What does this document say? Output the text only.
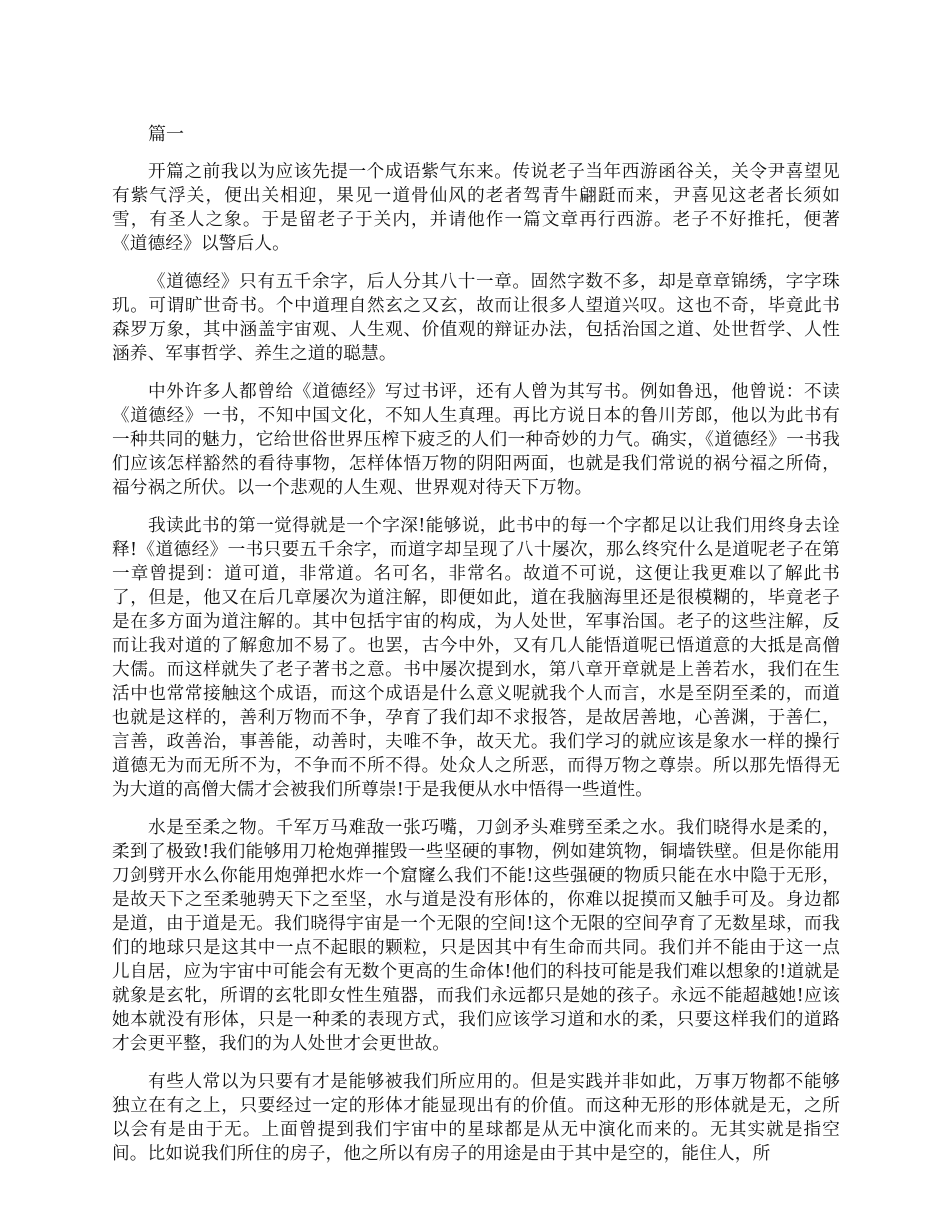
篇一

开篇之前我以为应该先提一个成语紫气东来。传说老子当年西游函谷关，关令尹喜望见有紫气浮关，便出关相迎，果见一道骨仙风的老者驾青牛翩跹而来，尹喜见这老者长须如雪，有圣人之象。于是留老子于关内，并请他作一篇文章再行西游。老子不好推托，便著《道德经》以警后人。

《道德经》只有五千余字，后人分其八十一章。固然字数不多，却是章章锦绣，字字珠玑。可谓旷世奇书。个中道理自然玄之又玄，故而让很多人望道兴叹。这也不奇，毕竟此书森罗万象，其中涵盖宇宙观、人生观、价值观的辩证办法，包括治国之道、处世哲学、人性涵养、军事哲学、养生之道的聪慧。

中外许多人都曾给《道德经》写过书评，还有人曾为其写书。例如鲁迅，他曾说：不读《道德经》一书，不知中国文化，不知人生真理。再比方说日本的鲁川芳郎，他以为此书有一种共同的魅力，它给世俗世界压榨下疲乏的人们一种奇妙的力气。确实，《道德经》一书我们应该怎样豁然的看待事物，怎样体悟万物的阴阳两面，也就是我们常说的祸兮福之所倚，福兮祸之所伏。以一个悲观的人生观、世界观对待天下万物。

我读此书的第一觉得就是一个字深!能够说，此书中的每一个字都足以让我们用终身去诠释!《道德经》一书只要五千余字，而道字却呈现了八十屡次，那么终究什么是道呢老子在第一章曾提到：道可道，非常道。名可名，非常名。故道不可说，这便让我更难以了解此书了，但是，他又在后几章屡次为道注解，即便如此，道在我脑海里还是很模糊的，毕竟老子是在多方面为道注解的。其中包括宇宙的构成，为人处世，军事治国。老子的这些注解，反而让我对道的了解愈加不易了。也罢，古今中外，又有几人能悟道呢已悟道意的大抵是高僧大儒。而这样就失了老子著书之意。书中屡次提到水，第八章开章就是上善若水，我们在生活中也常常接触这个成语，而这个成语是什么意义呢就我个人而言，水是至阴至柔的，而道也就是这样的，善利万物而不争，孕育了我们却不求报答，是故居善地，心善渊，于善仁，言善，政善治，事善能，动善时，夫唯不争，故天尤。我们学习的就应该是象水一样的操行道德无为而无所不为，不争而不所不得。处众人之所恶，而得万物之尊崇。所以那先悟得无为大道的高僧大儒才会被我们所尊崇!于是我便从水中悟得一些道性。

水是至柔之物。千军万马难敌一张巧嘴，刀剑矛头难劈至柔之水。我们晓得水是柔的，柔到了极致!我们能够用刀枪炮弹摧毁一些坚硬的事物，例如建筑物，铜墙铁壁。但是你能用刀剑劈开水么你能用炮弹把水炸一个窟窿么我们不能!这些强硬的物质只能在水中隐于无形，是故天下之至柔驰骋天下之至坚，水与道是没有形体的，你难以捉摸而又触手可及。身边都是道，由于道是无。我们晓得宇宙是一个无限的空间!这个无限的空间孕育了无数星球，而我们的地球只是这其中一点不起眼的颗粒，只是因其中有生命而共同。我们并不能由于这一点儿自居，应为宇宙中可能会有无数个更高的生命体!他们的科技可能是我们难以想象的!道就是就象是玄牝，所谓的玄牝即女性生殖器，而我们永远都只是她的孩子。永远不能超越她!应该她本就没有形体，只是一种柔的表现方式，我们应该学习道和水的柔，只要这样我们的道路才会更平整，我们的为人处世才会更世故。

有些人常以为只要有才是能够被我们所应用的。但是实践并非如此，万事万物都不能够独立在有之上，只要经过一定的形体才能显现出有的价值。而这种无形的形体就是无，之所以会有是由于无。上面曾提到我们宇宙中的星球都是从无中演化而来的。无其实就是指空间。比如说我们所住的房子，他之所以有房子的用途是由于其中是空的，能住人，所
